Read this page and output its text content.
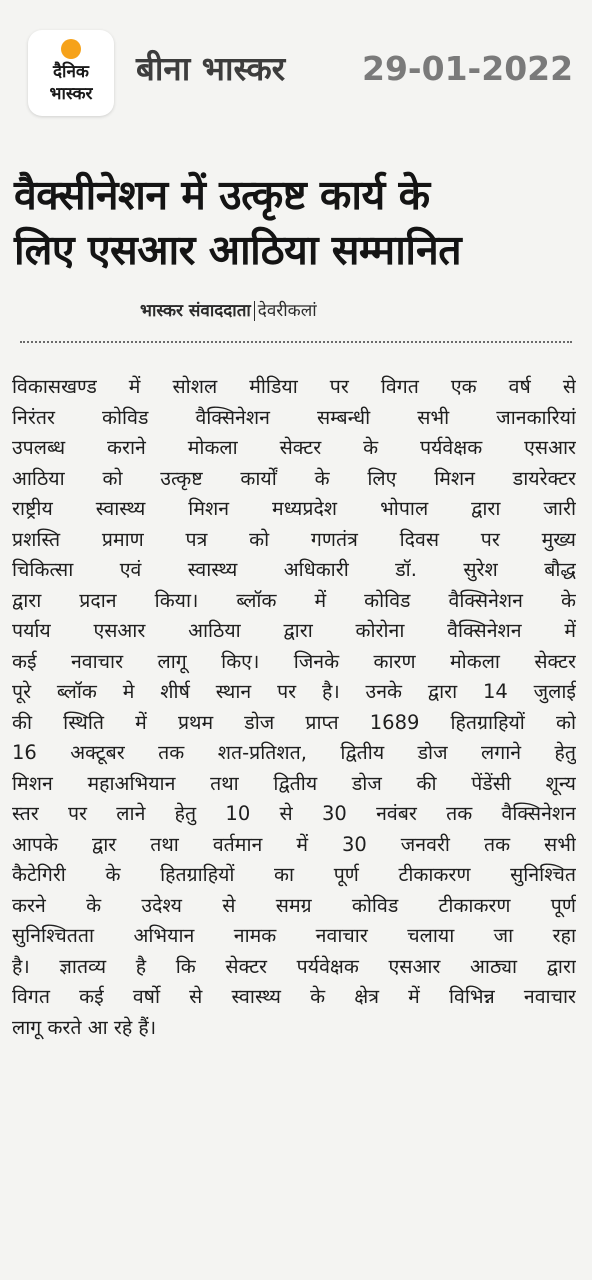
दैनिक
भास्कर
बीना भास्कर 29-01-2022
वैक्सीनेशन में उत्कृष्ट कार्य के
लिए एसआर आठिया सम्मानित
भास्कर संवाददाता देवरीकलां
विकासखण्ड में सोशल मीडिया पर विगत एक वर्ष से
निरंतर कोविड वैक्सिनेशन सम्बन्धी सभी जानकारियां
उपलब्ध कराने मोकला सेक्टर के पर्यवेक्षक एसआर
आठिया को उत्कृष्ट कार्यों के लिए मिशन डायरेक्टर
राष्ट्रीय स्वास्थ्य मिशन मध्यप्रदेश भोपाल द्वारा जारी
प्रशस्ति प्रमाण पत्र को गणतंत्र दिवस पर मुख्य
चिकित्सा एवं स्वास्थ्य अधिकारी डॉ. सुरेश बौद्ध
द्वारा प्रदान किया। ब्लॉक में कोविड वैक्सिनेशन के
पर्याय एसआर आठिया द्वारा कोरोना वैक्सिनेशन में
कई नवाचार लागू किए। जिनके कारण मोकला सेक्टर
पूरे ब्लॉक मे शीर्ष स्थान पर है। उनके द्वारा 14 जुलाई
की स्थिति में प्रथम डोज प्राप्त 1689 हितग्राहियों को
16 अक्टूबर तक शत-प्रतिशत, द्वितीय डोज लगाने हेतु
मिशन महाअभियान तथा द्वितीय डोज की पेंडेंसी शून्य
स्तर पर लाने हेतु 10 से 30 नवंबर तक वैक्सिनेशन
आपके द्वार तथा वर्तमान में 30 जनवरी तक सभी
कैटेगिरी के हितग्राहियों का पूर्ण टीकाकरण सुनिश्चित
करने के उदेश्य से समग्र कोविड टीकाकरण पूर्ण
सुनिश्चितता अभियान नामक नवाचार चलाया जा रहा
है। ज्ञातव्य है कि सेक्टर पर्यवेक्षक एसआर आठ्या द्वारा
विगत कई वर्षो से स्वास्थ्य के क्षेत्र में विभिन्न नवाचार
लागू करते आ रहे हैं।
